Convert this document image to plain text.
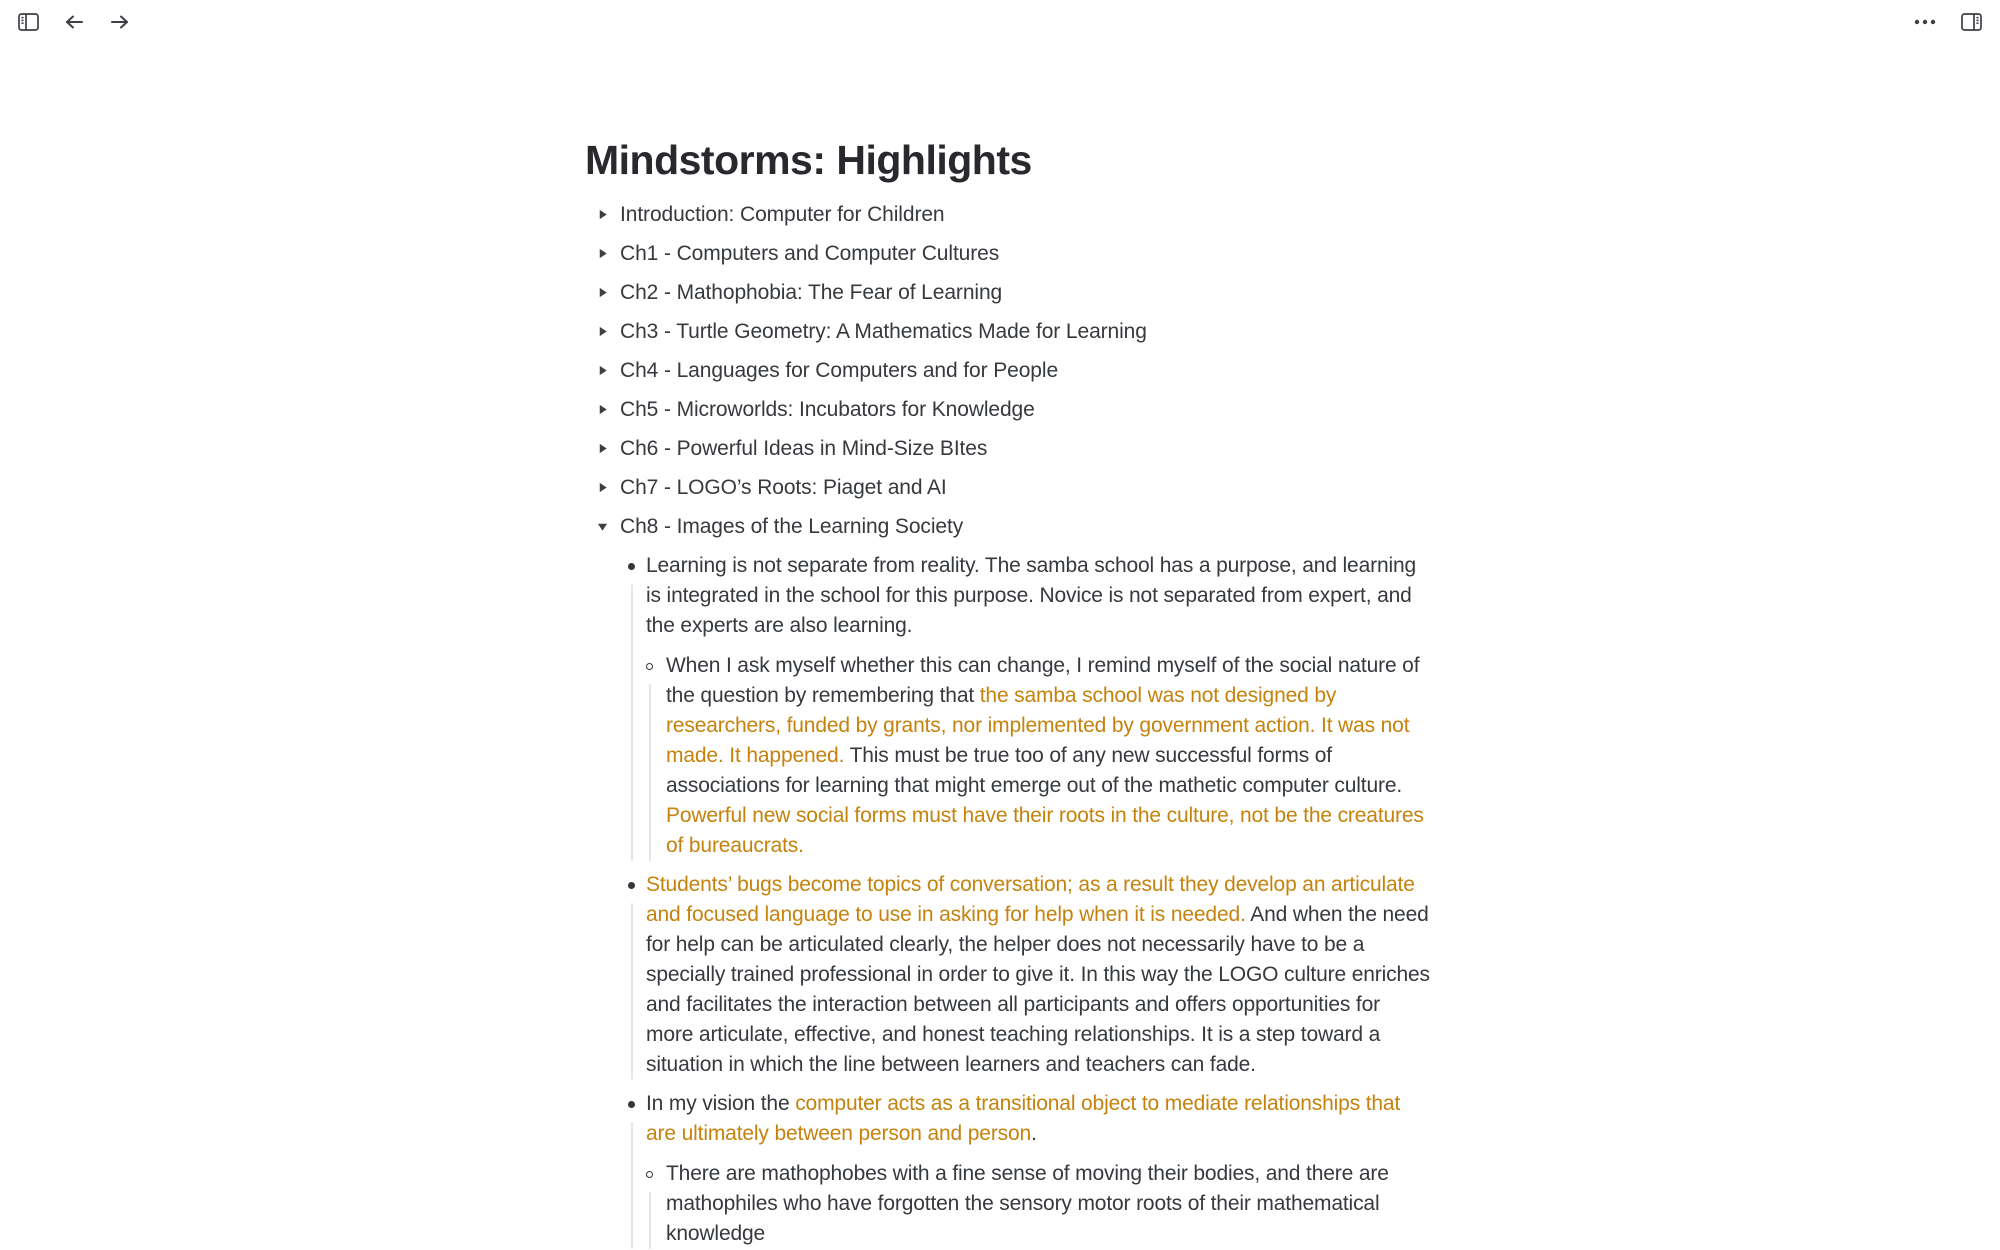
Mindstorms: Highlights
Introduction: Computer for Children
Ch1 - Computers and Computer Cultures
Ch2 - Mathophobia: The Fear of Learning
Ch3 - Turtle Geometry: A Mathematics Made for Learning
Ch4 - Languages for Computers and for People
Ch5 - Microworlds: Incubators for Knowledge
Ch6 - Powerful Ideas in Mind-Size BItes
Ch7 - LOGO’s Roots: Piaget and AI
Ch8 - Images of the Learning Society

Learning is not separate from reality. The samba school has a purpose, and learning is integrated in the school for this purpose. Novice is not separated from expert, and the experts are also learning.

When I ask myself whether this can change, I remind myself of the social nature of the question by remembering that the samba school was not designed by researchers, funded by grants, nor implemented by government action. It was not made. It happened. This must be true too of any new successful forms of associations for learning that might emerge out of the mathetic computer culture. Powerful new social forms must have their roots in the culture, not be the creatures of bureaucrats.

Students’ bugs become topics of conversation; as a result they develop an articulate and focused language to use in asking for help when it is needed. And when the need for help can be articulated clearly, the helper does not necessarily have to be a specially trained professional in order to give it. In this way the LOGO culture enriches and facilitates the interaction between all participants and offers opportunities for more articulate, effective, and honest teaching relationships. It is a step toward a situation in which the line between learners and teachers can fade.

In my vision the computer acts as a transitional object to mediate relationships that are ultimately between person and person.

There are mathophobes with a fine sense of moving their bodies, and there are mathophiles who have forgotten the sensory motor roots of their mathematical knowledge
